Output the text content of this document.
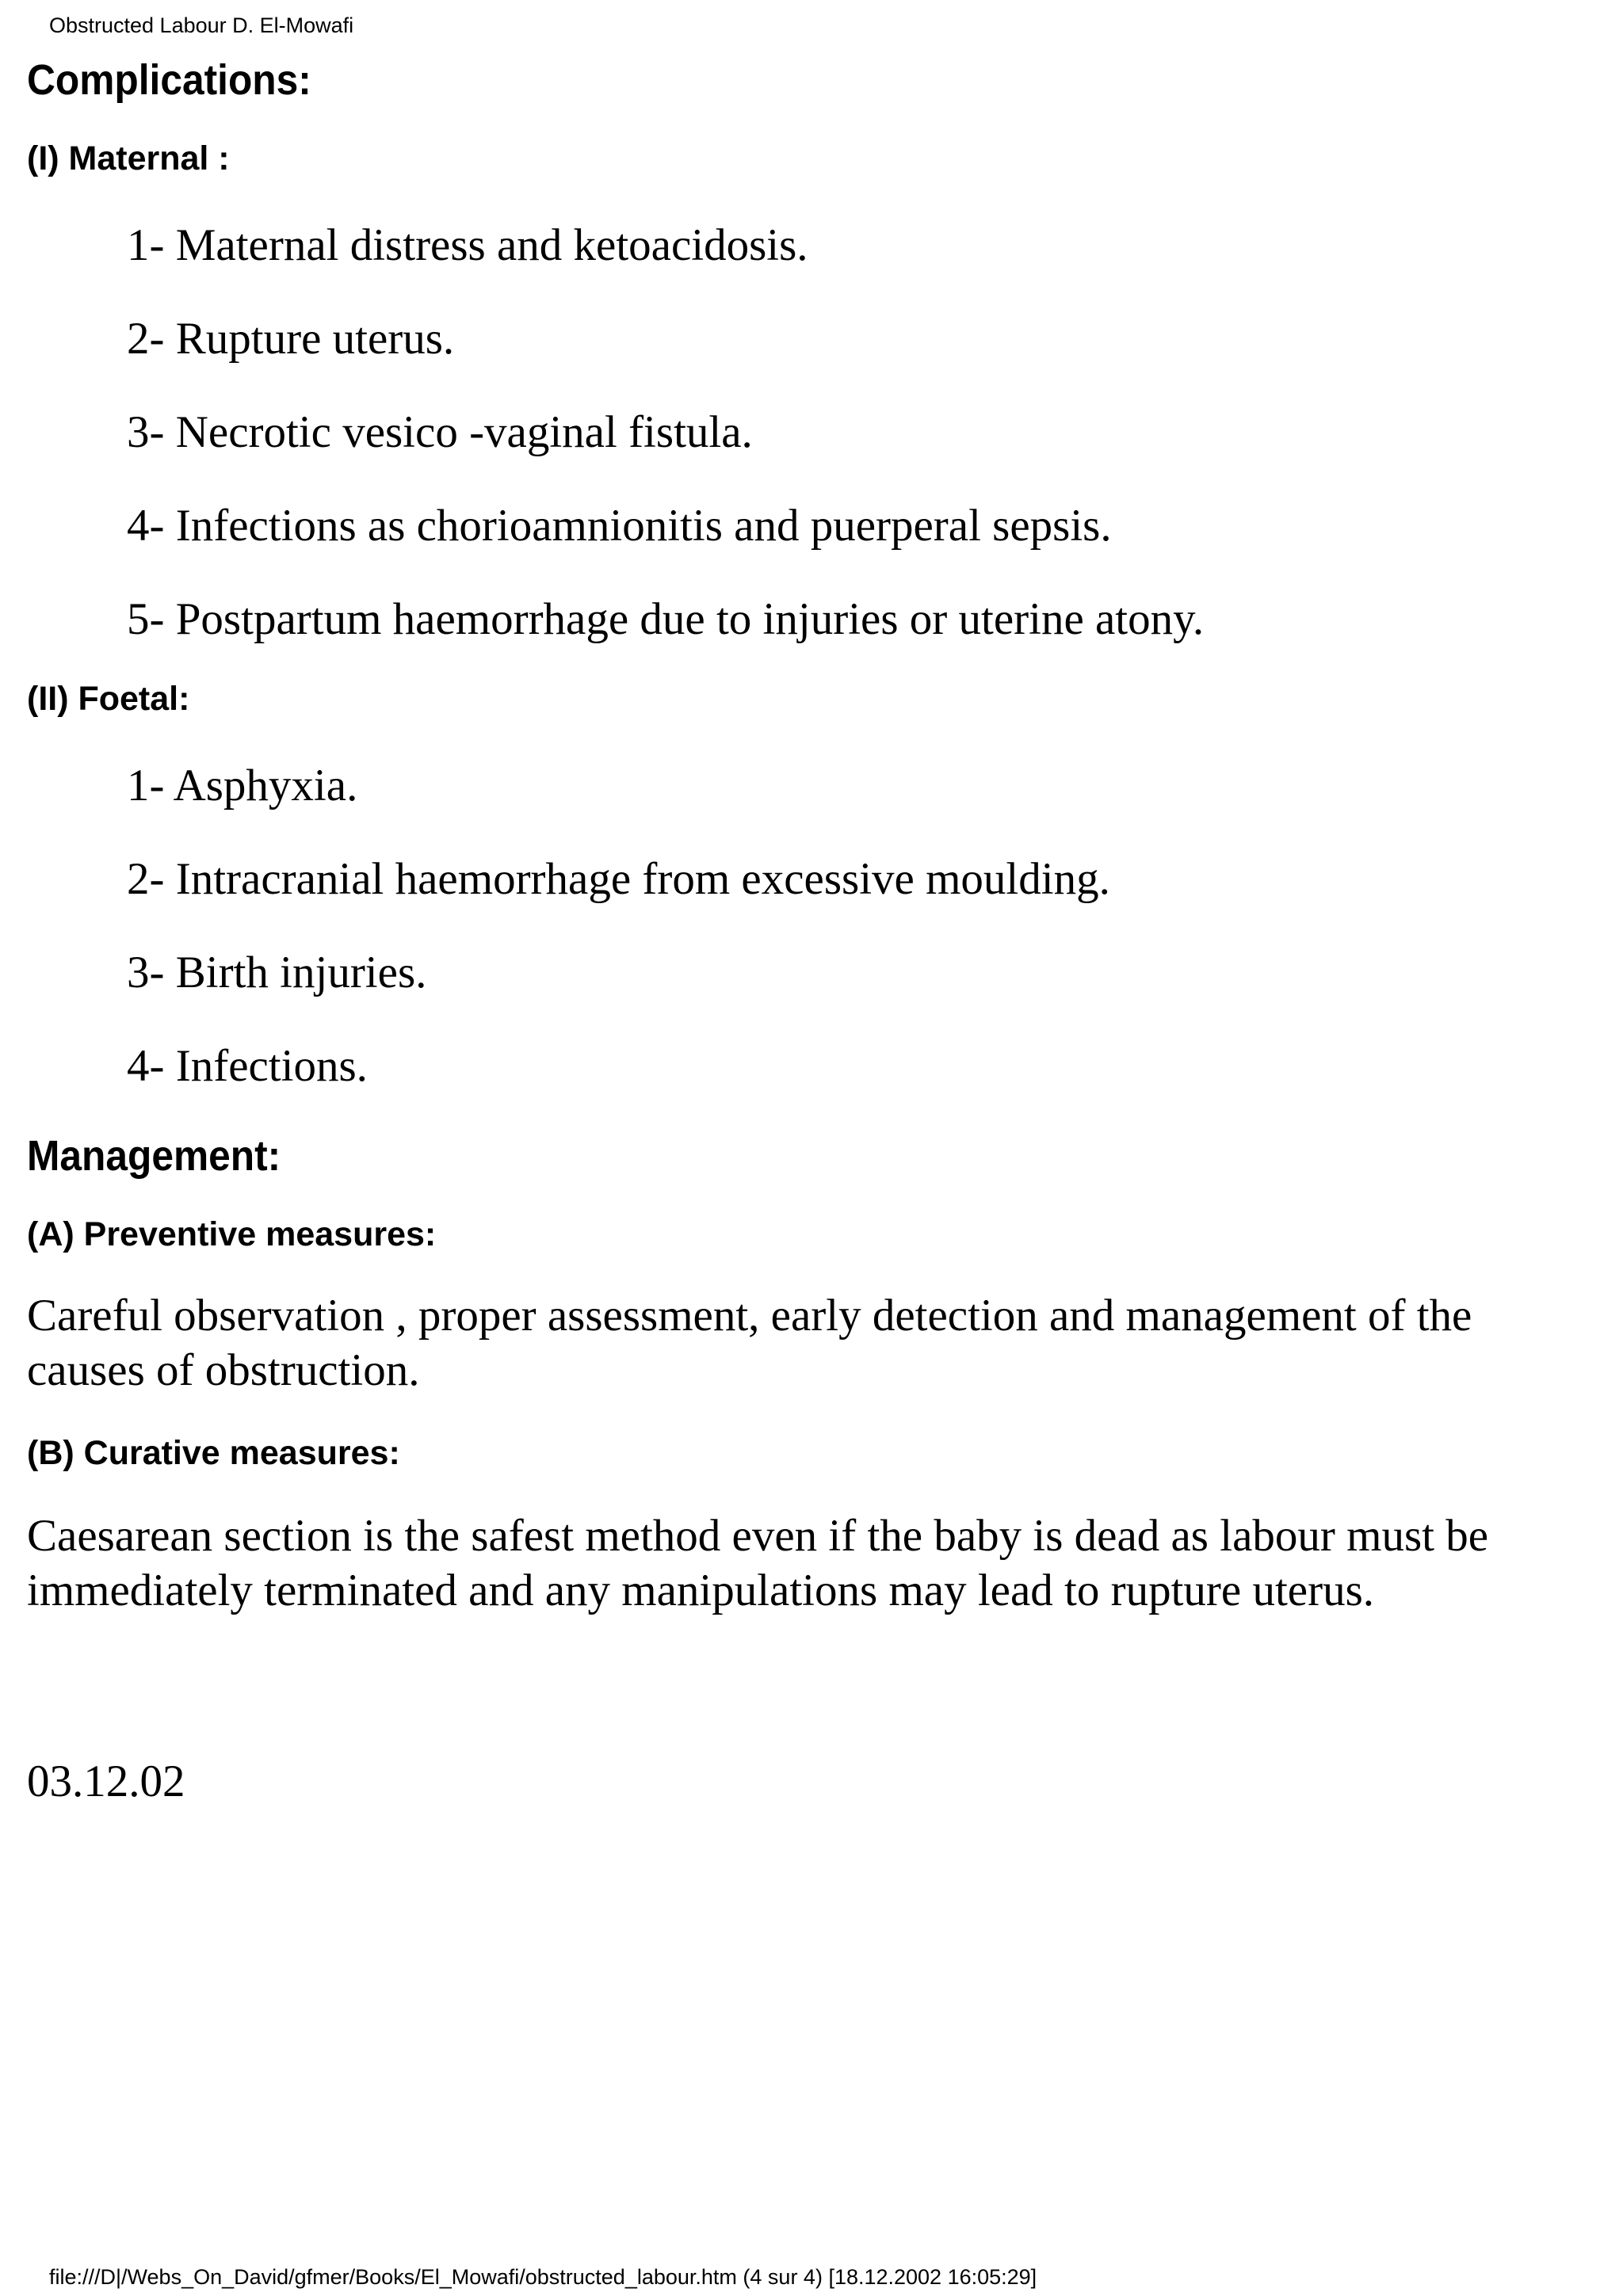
Obstructed Labour D. El-Mowafi
Complications:
(I) Maternal :
1- Maternal distress and ketoacidosis.
2- Rupture uterus.
3- Necrotic vesico -vaginal fistula.
4- Infections as chorioamnionitis and puerperal sepsis.
5- Postpartum haemorrhage due to injuries or uterine atony.
(II) Foetal:
1- Asphyxia.
2- Intracranial haemorrhage from excessive moulding.
3- Birth injuries.
4- Infections.
Management:
(A) Preventive measures:

Careful observation , proper assessment, early detection and management of the causes of obstruction.

(B) Curative measures:

Caesarean section is the safest method even if the baby is dead as labour must be immediately terminated and any manipulations may lead to rupture uterus.

03.12.02
file:///D|/Webs_On_David/gfmer/Books/El_Mowafi/obstructed_labour.htm (4 sur 4) [18.12.2002 16:05:29]
